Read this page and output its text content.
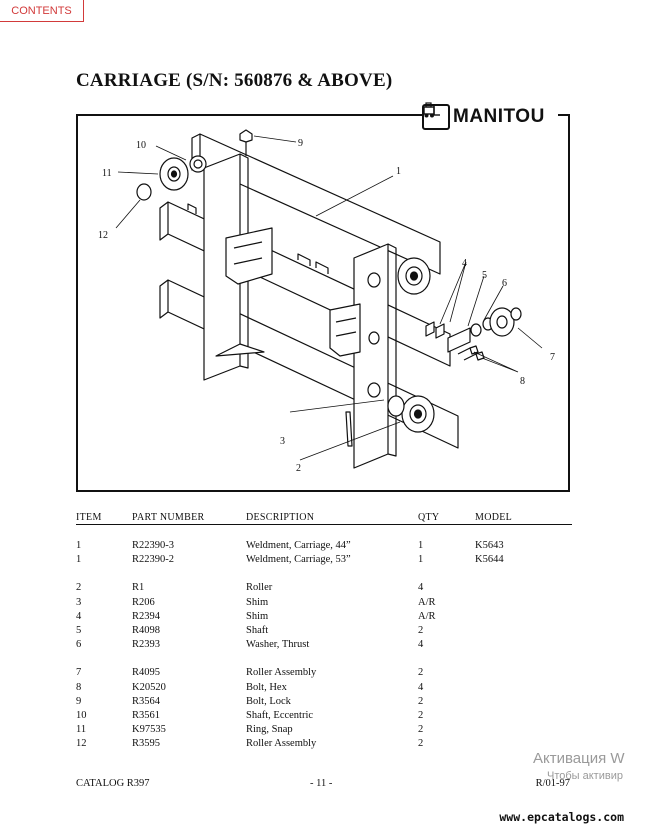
CONTENTS
CARRIAGE (S/N: 560876 & ABOVE)
MANITOU
1
2
3
4
5
6
7
8
9
10
11
12
ITEM	PART NUMBER	DESCRIPTION	QTY	MODEL
1	R22390-3	Weldment, Carriage, 44”	1	K5643
1	R22390-2	Weldment, Carriage, 53”	1	K5644
2	R1	Roller	4
3	R206	Shim	A/R
4	R2394	Shim	A/R
5	R4098	Shaft	2
6	R2393	Washer, Thrust	4
7	R4095	Roller Assembly	2
8	K20520	Bolt, Hex	4
9	R3564	Bolt, Lock	2
10	R3561	Shaft, Eccentric	2
11	K97535	Ring, Snap	2
12	R3595	Roller Assembly	2
CATALOG R397	- 11 -	R/01-97
Активация W
Чтобы активир
www.epcatalogs.com
